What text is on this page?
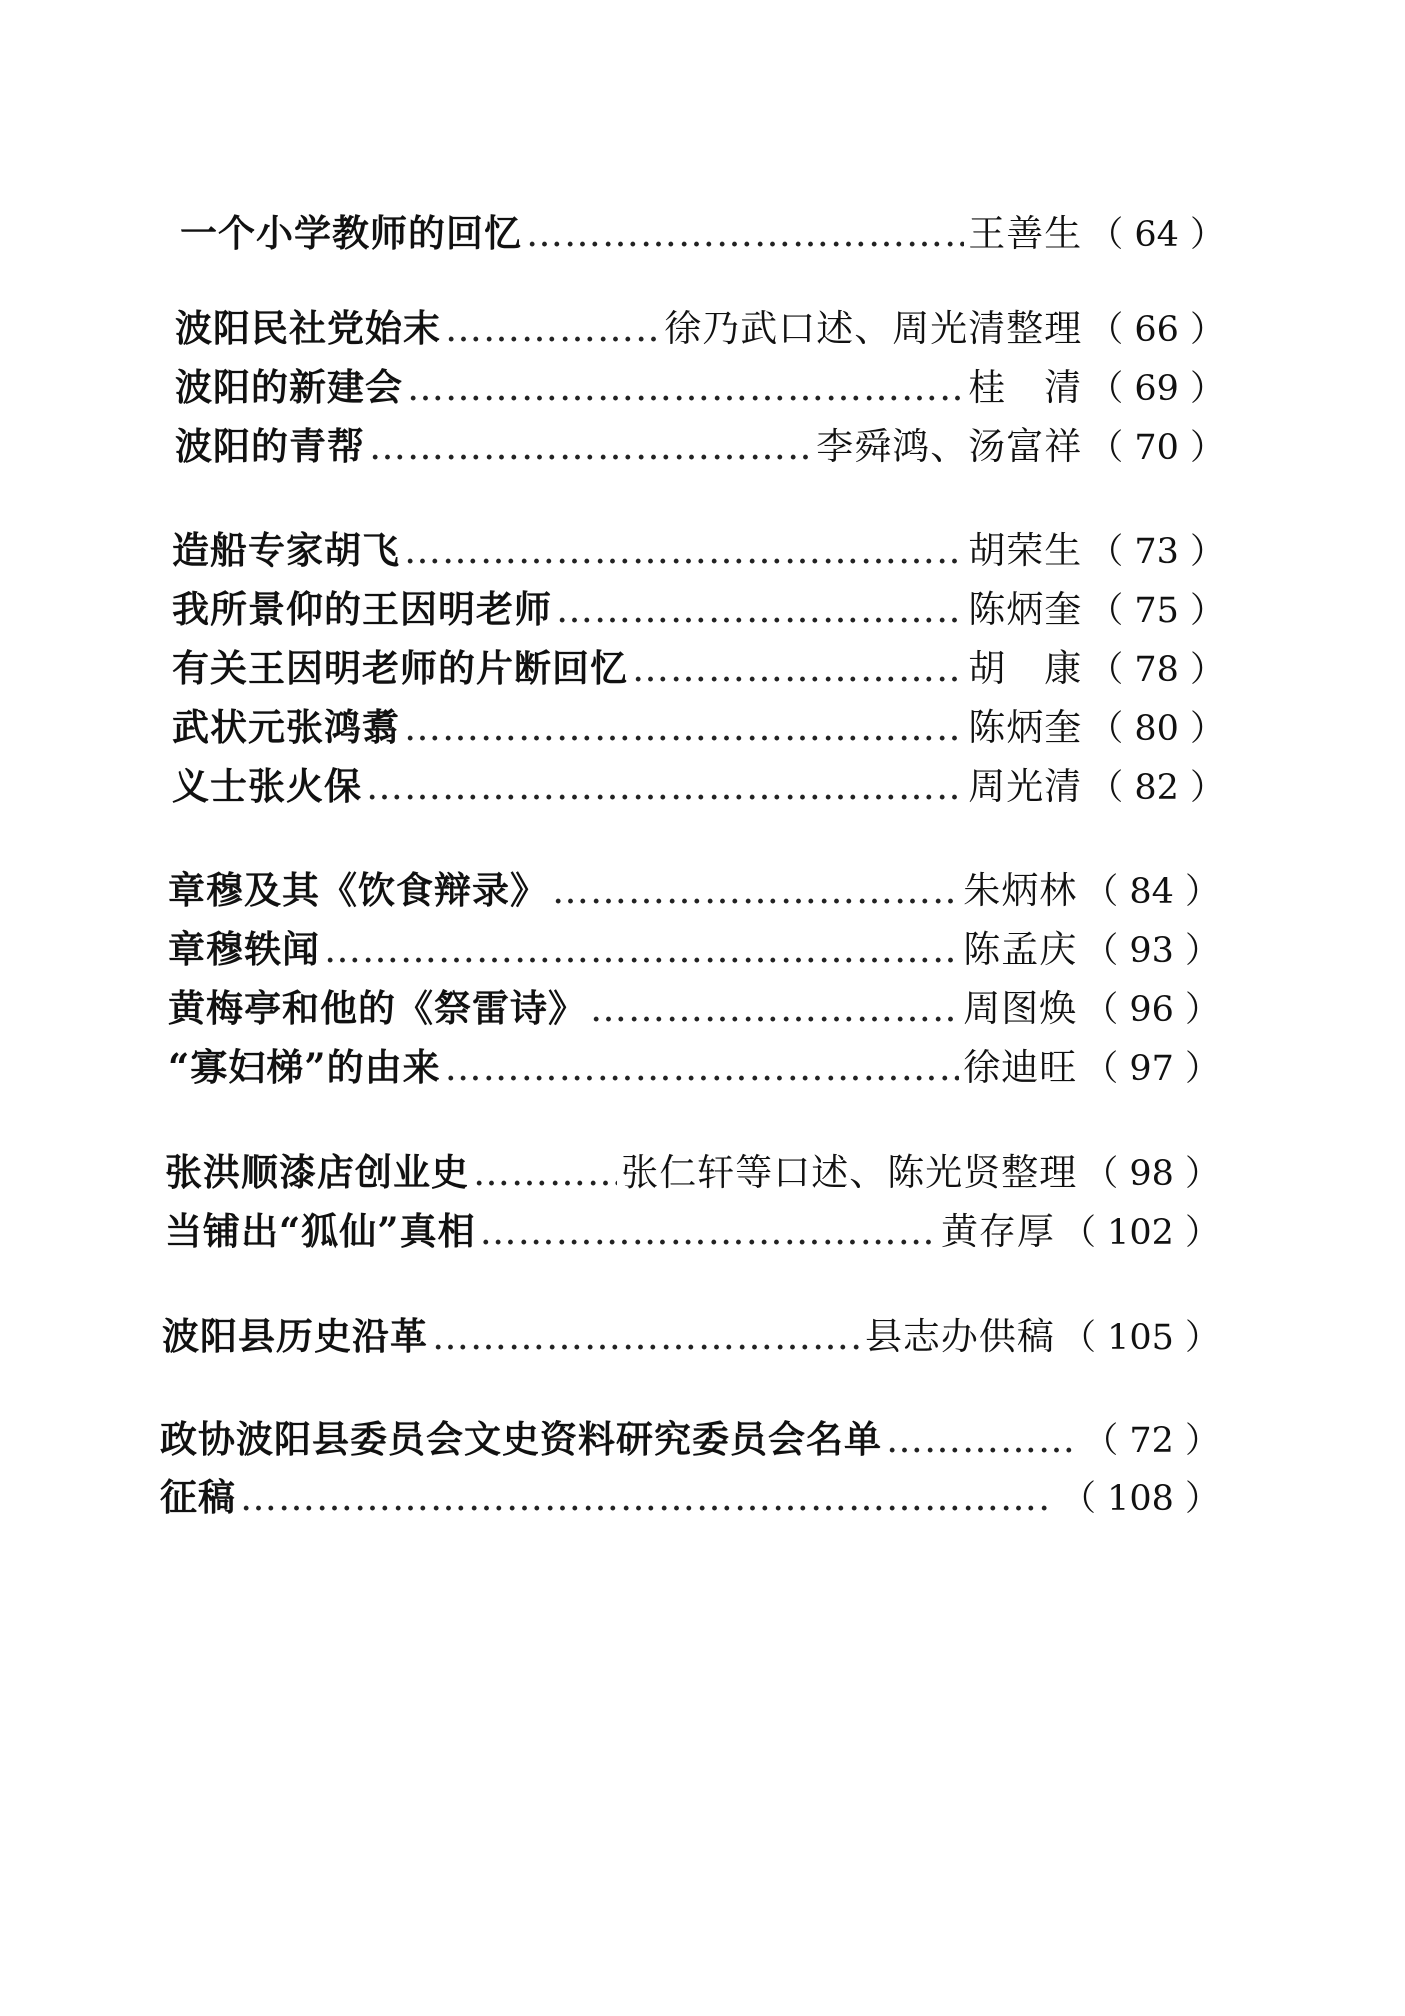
一个小学教师的回忆 ………………………………………………………………………………………………………………………………………………	王善生 （ 64 ）
波阳民社党始末 ………………………………………………………………………………………………………………………………………………	徐乃武口述、周光清整理 （ 66 ）
波阳的新建会 ………………………………………………………………………………………………………………………………………………	桂　清 （ 69 ）
波阳的青帮 ………………………………………………………………………………………………………………………………………………	李舜鸿、汤富祥 （ 70 ）
造船专家胡飞 ………………………………………………………………………………………………………………………………………………	胡荣生 （ 73 ）
我所景仰的王因明老师 ………………………………………………………………………………………………………………………………………………	陈炳奎 （ 75 ）
有关王因明老师的片断回忆 ………………………………………………………………………………………………………………………………………………	胡　康 （ 78 ）
武状元张鸿翥 ………………………………………………………………………………………………………………………………………………	陈炳奎 （ 80 ）
义士张火保 ………………………………………………………………………………………………………………………………………………	周光清 （ 82 ）
章穆及其《饮食辩录》 ………………………………………………………………………………………………………………………………………………	朱炳林 （ 84 ）
章穆轶闻 ………………………………………………………………………………………………………………………………………………	陈孟庆 （ 93 ）
黄梅亭和他的《祭雷诗》 ………………………………………………………………………………………………………………………………………………	周图焕 （ 96 ）
“寡妇梯”的由来 ………………………………………………………………………………………………………………………………………………	徐迪旺 （ 97 ）
张洪顺漆店创业史 ………………………………………………………………………………………………………………………………………………	张仁轩等口述、陈光贤整理 （ 98 ）
当铺出“狐仙”真相 ………………………………………………………………………………………………………………………………………………	黄存厚 （ 102 ）
波阳县历史沿革 ………………………………………………………………………………………………………………………………………………	县志办供稿 （ 105 ）
政协波阳县委员会文史资料研究委员会名单 ………………………………………………………………………………………………………………………………………………	（ 72 ）
征稿 ………………………………………………………………………………………………………………………………………………	（ 108 ）
